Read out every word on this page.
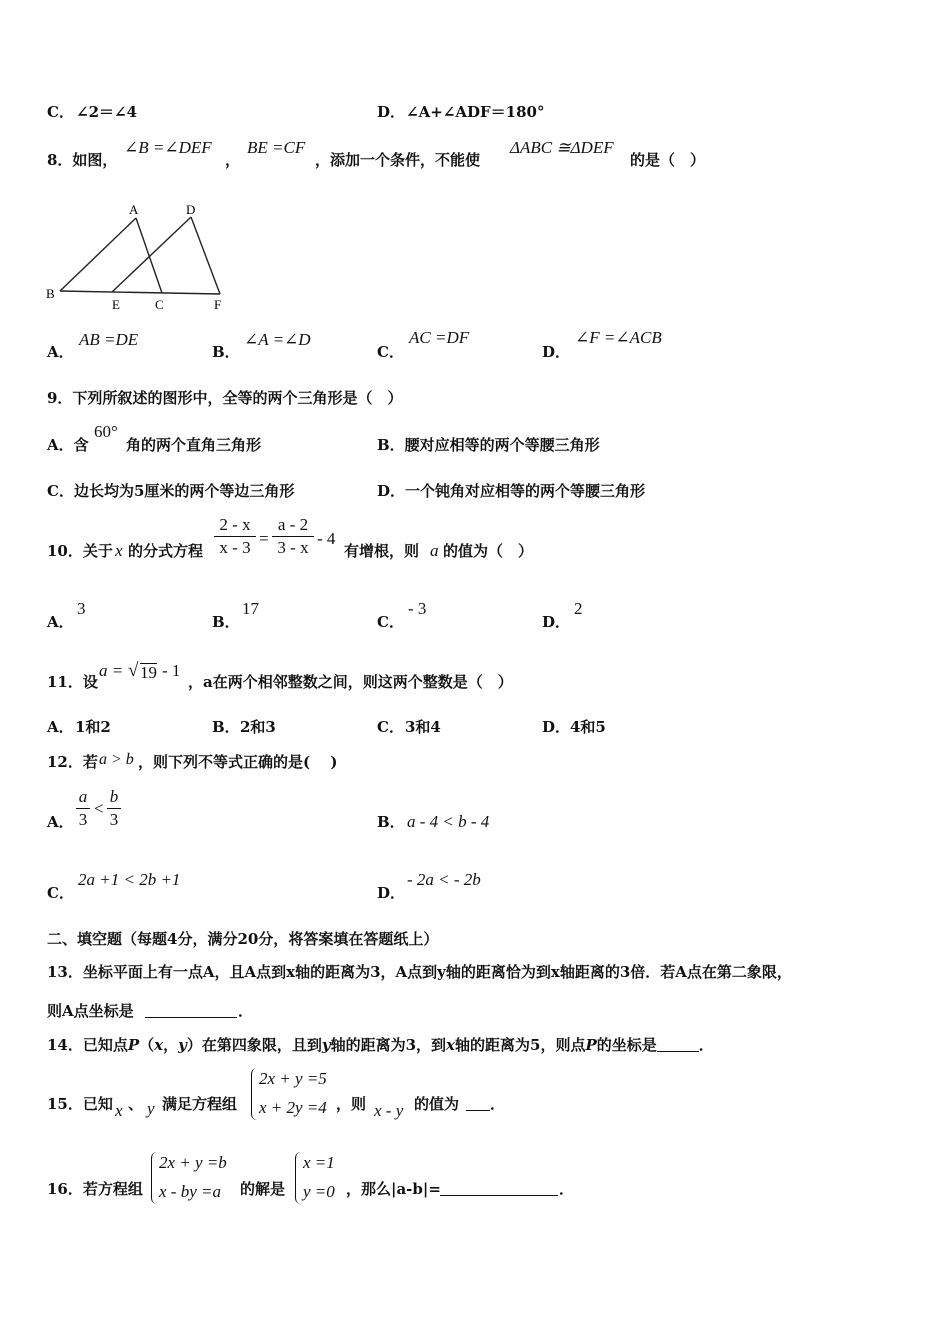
C． ∠2＝∠4	D． ∠A+∠ADF＝180°
8．如图，
∠B =∠DEF
，
BE =CF
，添加一个条件，不能使
ΔABC ≅ΔDEF
的是（　）
A	D
B
E	C	F
A．
AB =DE
B．
∠A =∠D
C．
AC =DF
D．
∠F =∠ACB
9．下列所叙述的图形中，全等的两个三角形是（　）
A．含
60°
角的两个直角三角形	B．腰对应相等的两个等腰三角形
C．边长均为5厘米的两个等边三角形	D．一个钝角对应相等的两个等腰三角形
10．关于 x 的分式方程 $\frac{2 - x}{x - 3} = \frac{a - 2}{3 - x} - 4$
有增根，则 a 的值为（　）
A．
3
B．
17
C．
- 3
D．
2
11．设
a = √ 19 - 1
，a在两个相邻整数之间，则这两个整数是（　）
A． 1和2	B． 2和3	C． 3和4	D． 4和5
12．若 a > b ，则下列不等式正确的是(　 )
A． $\frac{a}{3} < \frac{b}{3}$	B． a - 4 < b - 4
C．
2a +1 < 2b +1
D．
- 2a < - 2b
二、填空题（每题4分，满分20分，将答案填在答题纸上）
13．坐标平面上有一点A，且A点到x轴的距离为3，A点到y轴的距离恰为到x轴距离的3倍．若A点在第二象限，
则A点坐标是	．
14．已知点P（x，y）在第四象限，且到y轴的距离为3，到x轴的距离为5，则点P的坐标是	．
15．已知 x 、 y 满足方程组
2x + y =5
x + 2y =4 ，则 x - y 的值为 ．
16．若方程组
2x + y =b
x - by =a 的解是
x =1
y =0 ，那么|a-b|=	．
